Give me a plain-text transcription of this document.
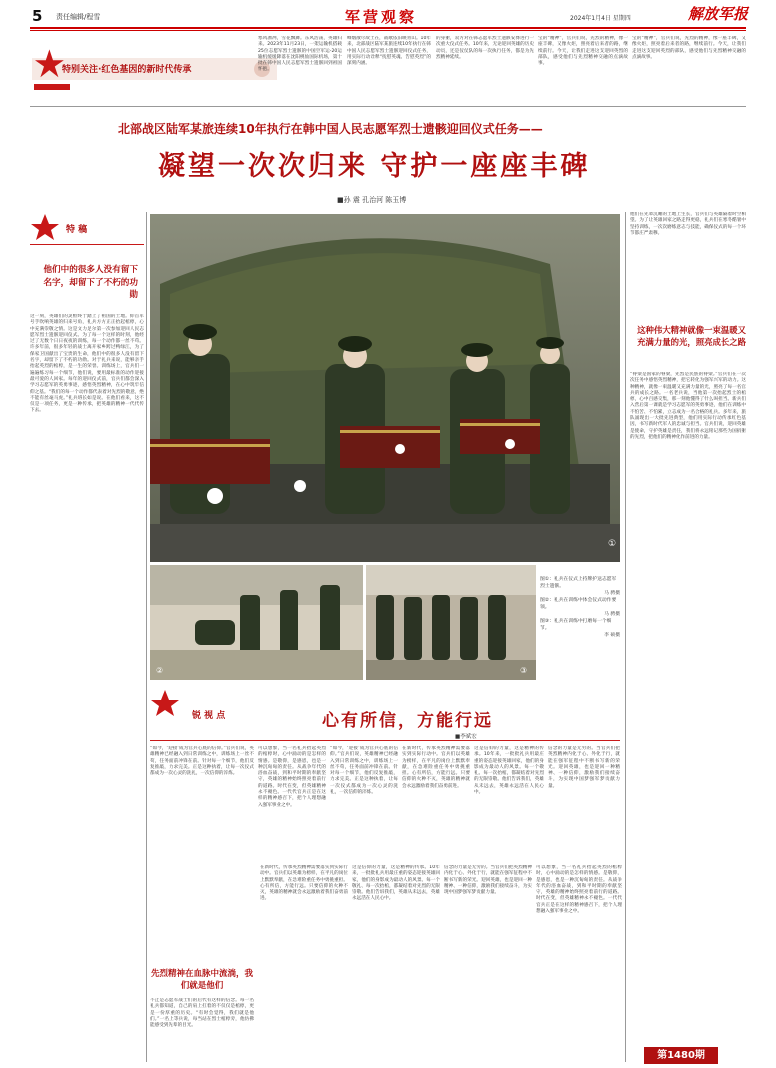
5 责任编辑/程雪	军营观察	2024年1月4日 星期四	解放军报
特别关注·红色基因的新时代传承
寒风凛冽，雪花飘舞。东风浩荡，英雄归来。2023年11月23日，一架运输机搭载25位志愿军烈士遗骸的中国空军运-20运输机缓缓降落在沈阳桃仙国际机场，第十批在韩中国人民志愿军烈士遗骸回到祖国怀抱。
峰烟散尽故土在，战歌依旧映青山。10年来，北部战区陆军某旅连续10年执行在韩中国人民志愿军烈士遗骸迎回仪式任务，用实际行动诠释“抚慰英魂、告慰英烈”的深刻内涵。
的身躯，双方对在韩志愿军烈士遗骸安葬进行一次重大仪式任务。10年来，无论迎回英雄的历史动员，还是仪仗队的每一次执行任务，都是为先烈精神延续。
宝的“精神”，官兵们说，先烈的精神，像一座丰碑，又像火炬，照亮着后来者的路，继续前行。今天，让我们走进这支迎回英烈的部队，感受他们与先烈精神交融的点滴故事。
宝的“精神”，官兵们说，先烈的精神，像一座丰碑，又像火炬，照亮着后来者的路，继续前行。今天，让我们走进这支迎回英烈的部队，感受他们与先烈精神交融的点滴故事。
北部战区陆军某旅连续10年执行在韩中国人民志愿军烈士遗骸迎回仪式任务——
凝望一次次归来 守护一座座丰碑
■孙 震 孔治河 陈玉博
①
②	③
图①：礼兵在仪式上持牌护送志愿军烈士遗骸。
马 骋摄
图②：礼兵在训练中体会仪式动作要领。
马 骋摄
图③：礼兵在训练中打磨每一个细节。
李 硕摄
特 稿
他们中的很多人没有留下名字，却留下了不朽的功勋
这一刻，英雄们的灵柩终于踏上了祖国的土地。仰首军号手吹响英雄的归来号角，礼兵方方正正抬起棺椁，心中充满崇敬之情。这是文力足尔第一次参加迎回人民志愿军烈士遗骸迎回仪式。为了每一个这样的时刻，他经过了无数个日日夜夜的训练，每一个动作都一丝不苟。许多年前，很多年轻的战士离开家乡跨过鸭绿江，为了保家卫国献出了宝贵的生命，他们中的很多人没有留下名字，却留下了不朽的功勋。对于礼兵来说，能够亲手抬起英烈的棺椁，是一生的荣誉。训练场上，官兵们一遍遍练习每一个细节，他们说，要用最标准的动作迎接最可爱的人回家。每年的迎回仪式前，官兵们都会深入学习志愿军的英勇事迹，感悟英烈精神，在心中筑牢信仰之基。“我们的每一个动作都代表着对先烈的敬意，绝不能有丝毫马虎。”礼兵班长如是说。在他们看来，这不仅是一项任务，更是一种传承，把英雄的精神一代代传下去。
他们在先辈沉睡的土地上生长，官兵们与英雄隔着时空相望。为了让英雄回家之路走得更稳，礼兵们在寒冬酷暑中坚持训练，一次次磨练意志与技能，确保仪式的每一个环节都庄严肃穆。
这种伟大精神就像一束温暖又充满力量的光，照亮成长之路
“脊梁是国家的脊梁，先烈是民族的脊梁。”官兵们在一次次任务中感悟英烈精神，把它转化为强军兴军的动力。这种精神，就像一束温暖又充满力量的光，照亮了每一名官兵的成长之路。一名老兵说，当他第一次抬起烈士的棺椁，心中百感交集，那一刻他懂得了什么叫担当。新兵们入营后第一课就是学习志愿军的英勇事迹，他们在训练中不怕苦、不怕累，立志成为一名合格的礼兵。多年来，旅队涌现出一大批先进典型，他们用实际行动传承红色基因，书写新时代军人的忠诚与担当。官兵们说，迎回英雄是使命，守护英雄是责任，我们将永远铭记那些为国捐躯的先烈，把他们的精神化作前进的力量。
锐 视 点	心有所信，方能行远
■李斌宏
可以想象，当一名礼兵抬起英烈的棺椁时，心中涌动的是怎样的情感。是敬仰，是感恩，也是一种沉甸甸的责任。从战争年代的浴血奋战，到和平时期的奉献坚守，英雄的精神始终照亮着前行的道路。时代在变，但英雄精神永不褪色。一代代官兵正是在这样的精神感召下，把个人理想融入强军事业之中。
“如今，‘迎接’成为官兵心底的信仰。”官兵们说，英雄精神已经融入到日常训练之中，训练场上一丝不苟，任务面前冲锋在前。针对每一个细节，他们反复推敲，力求完美。正是这种执着，让每一次仪式都成为一次心灵的洗礼，一次信仰的淬炼。
在新时代，传承英烈精神需要落实到实际行动中。官兵们以英雄为榜样，在平凡的岗位上默默奉献，在急难险重任务中勇挑重担。心有所信，方能行远。只要信仰的火种不灭，英雄的精神就会永远激励着我们奋勇前进。
这是信仰的力量，这是精神的传承。10年来，一批批礼兵用最庄重的姿态迎接英雄回家，他们的身影成为最动人的风景。每一个敬礼、每一次抬棺，都凝结着对先烈的无限崇敬。他们告诉我们，英雄从未远去，英雄永远活在人民心中。
信念的力量是无穷的。当官兵们把英烈精神内化于心、外化于行，就能在强军征程中不断书写新的荣光。迎回英雄，也是迎回一种精神、一种信仰，激励我们接续奋斗，为实现中国梦强军梦贡献力量。
在新时代，传承英烈精神需要落实到实际行动中。官兵们以英雄为榜样，在平凡的岗位上默默奉献，在急难险重任务中勇挑重担。心有所信，方能行远。只要信仰的火种不灭，英雄的精神就会永远激励着我们奋勇前进。
这是信仰的力量，这是精神的传承。10年来，一批批礼兵用最庄重的姿态迎接英雄回家，他们的身影成为最动人的风景。每一个敬礼、每一次抬棺，都凝结着对先烈的无限崇敬。他们告诉我们，英雄从未远去，英雄永远活在人民心中。
信念的力量是无穷的。当官兵们把英烈精神内化于心、外化于行，就能在强军征程中不断书写新的荣光。迎回英雄，也是迎回一种精神、一种信仰，激励我们接续奋斗，为实现中国梦强军梦贡献力量。
可以想象，当一名礼兵抬起英烈的棺椁时，心中涌动的是怎样的情感。是敬仰，是感恩，也是一种沉甸甸的责任。从战争年代的浴血奋战，到和平时期的奉献坚守，英雄的精神始终照亮着前行的道路。时代在变，但英雄精神永不褪色。一代代官兵正是在这样的精神感召下，把个人理想融入强军事业之中。
“如今，‘迎接’成为官兵心底的信仰。”官兵们说，英雄精神已经融入到日常训练之中，训练场上一丝不苟，任务面前冲锋在前。针对每一个细节，他们反复推敲，力求完美。正是这种执着，让每一次仪式都成为一次心灵的洗礼，一次信仰的淬炼。
先烈精神在血脉中流淌，我们就是他们
不止是志愿军战士们的后代有这样的信念。每一名礼兵都知道，自己的肩上扛着的不仅仅是棺椁，更是一份厚重的历史。“有时会觉得，我们就是他们。”一名上等兵说，每当站在烈士棺椁旁，他仿佛能感受到先辈的目光。
第1480期
